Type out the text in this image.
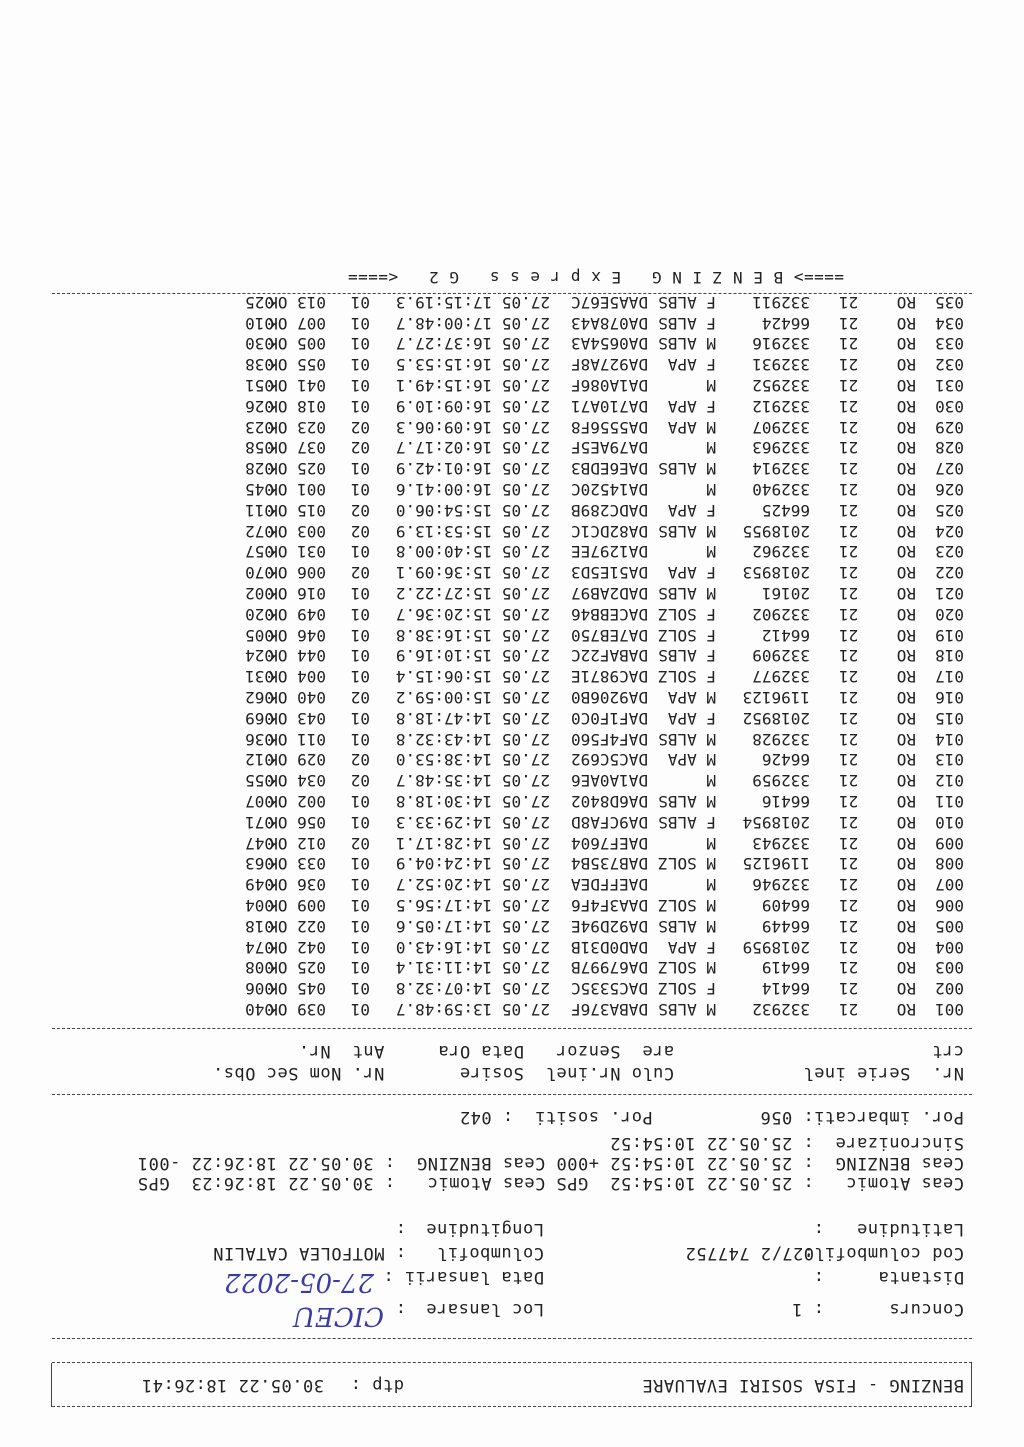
BENZING - FISA SOSIRI EVALUARE
dtp :
30.05.22 18:26:41
Concurs
: 1
Loc lansare
:
CICEU
Distanta
:
Data lansarii :
27-05-2022
Cod columbofil:
027/2 747752
Columbofil
: MOTFOLEA CATALIN
Latitudine
:
Longitudine
:
Ceas Atomic   : 25.05.22 10:54:52  GPS Ceas Atomic   : 30.05.22 18:26:23  GPS
Ceas BENZING  : 25.05.22 10:54:52 +000 Ceas BENZING  : 30.05.22 18:26:22 -001
Sincronizare  : 25.05.22 10:54:52
Por. imbarcati: 056          Por. sositi  : 042
Nr.  Serie inel            Culo Nr.inel  Sosire       Nr. Nom Sec Obs.
crt                        are  Senzor   Data Ora     Ant  Nr.
001RO    21   332932M ALBSDABA376F27.05 13:59:48.701039 OK040
002RO    21   66414F SOLZDAC5335C27.05 14:07:32.801045 OK006
003RO    21   66419M SOLZDA67997B27.05 14:11:31.401025 OK008
004RO    21   2018959F APADAD0D31B27.05 14:16:43.001042 OK074
005RO    21   66449M ALBSDA92D94E27.05 14:17:05.601022 OK018
006RO    21   66409M SOLZDAA3F4F627.05 14:17:56.501009 OK004
007RO    21   332946M DAEFFDEA27.05 14:20:52.701036 OK049
008RO    21   1196125M SOLZDAB735B427.05 14:24:04.901033 OK063
009RO    21   332943M DAEF760427.05 14:28:17.102012 OK047
010RO    21   2018954F ALBSDA9CFA8D27.05 14:29:33.301056 OK071
011RO    21   66416M ALBSDA6D840227.05 14:30:18.801002 OK007
012RO    21   332959M DA1A0AE627.05 14:35:48.702034 OK055
013RO    21   66426M APADAC5C69227.05 14:38:53.002029 OK012
014RO    21   332928M ALBSDAF4F56027.05 14:43:32.801011 OK036
015RO    21   2018952F APADAF1F0C027.05 14:47:18.801043 OK069
016RO    21   1196123M APADA9206B027.05 15:00:59.202040 OK062
017RO    21   332977F SOLZDAC9871E27.05 15:06:15.401004 OK031
018RO    21   332909F ALBSDABAF22C27.05 15:10:16.901044 OK024
019RO    21   66412F SOLZDA7EB75027.05 15:16:38.801046 OK005
020RO    21   332902F SOLZDACEBB4627.05 15:20:36.701049 OK020
021RO    21   20161M ALBSDAD2AB9727.05 15:27:22.201016 OK002
022RO    21   2018953F APADA51E5D327.05 15:36:09.102006 OK070
023RO    21   332962M DA1297EE27.05 15:40:00.801031 OK057
024RO    21   2018955M ALBSDA82DC1C27.05 15:53:13.902003 OK072
025RO    21   66425F APADADC289B27.05 15:54:06.002015 OK011
026RO    21   332940M DA14520C27.05 16:00:41.601001 OK045
027RO    21   332914M ALBSDAE6EDB327.05 16:01:42.901025 OK028
028RO    21   332963M DA79AE5F27.05 16:02:17.702037 OK058
029RO    21   332907M APADA5556F827.05 16:09:06.302023 OK023
030RO    21   332912F APADA710A7127.05 16:09:10.901018 OK026
031RO    21   332952M DA1A086F27.05 16:15:49.101041 OK051
032RO    21   332931F APADA927A8F27.05 16:15:53.501055 OK038
033RO    21   332916M ALBSDA0654A327.05 16:37:27.701005 OK030
034RO    21   66424F ALBSDA078A4327.05 17:00:48.701007 OK010
035RO    21   332911F ALBSDAA5E67C27.05 17:15:19.301013 OK025
====> B E N Z I N G   E x p r e s s   G 2   <====
